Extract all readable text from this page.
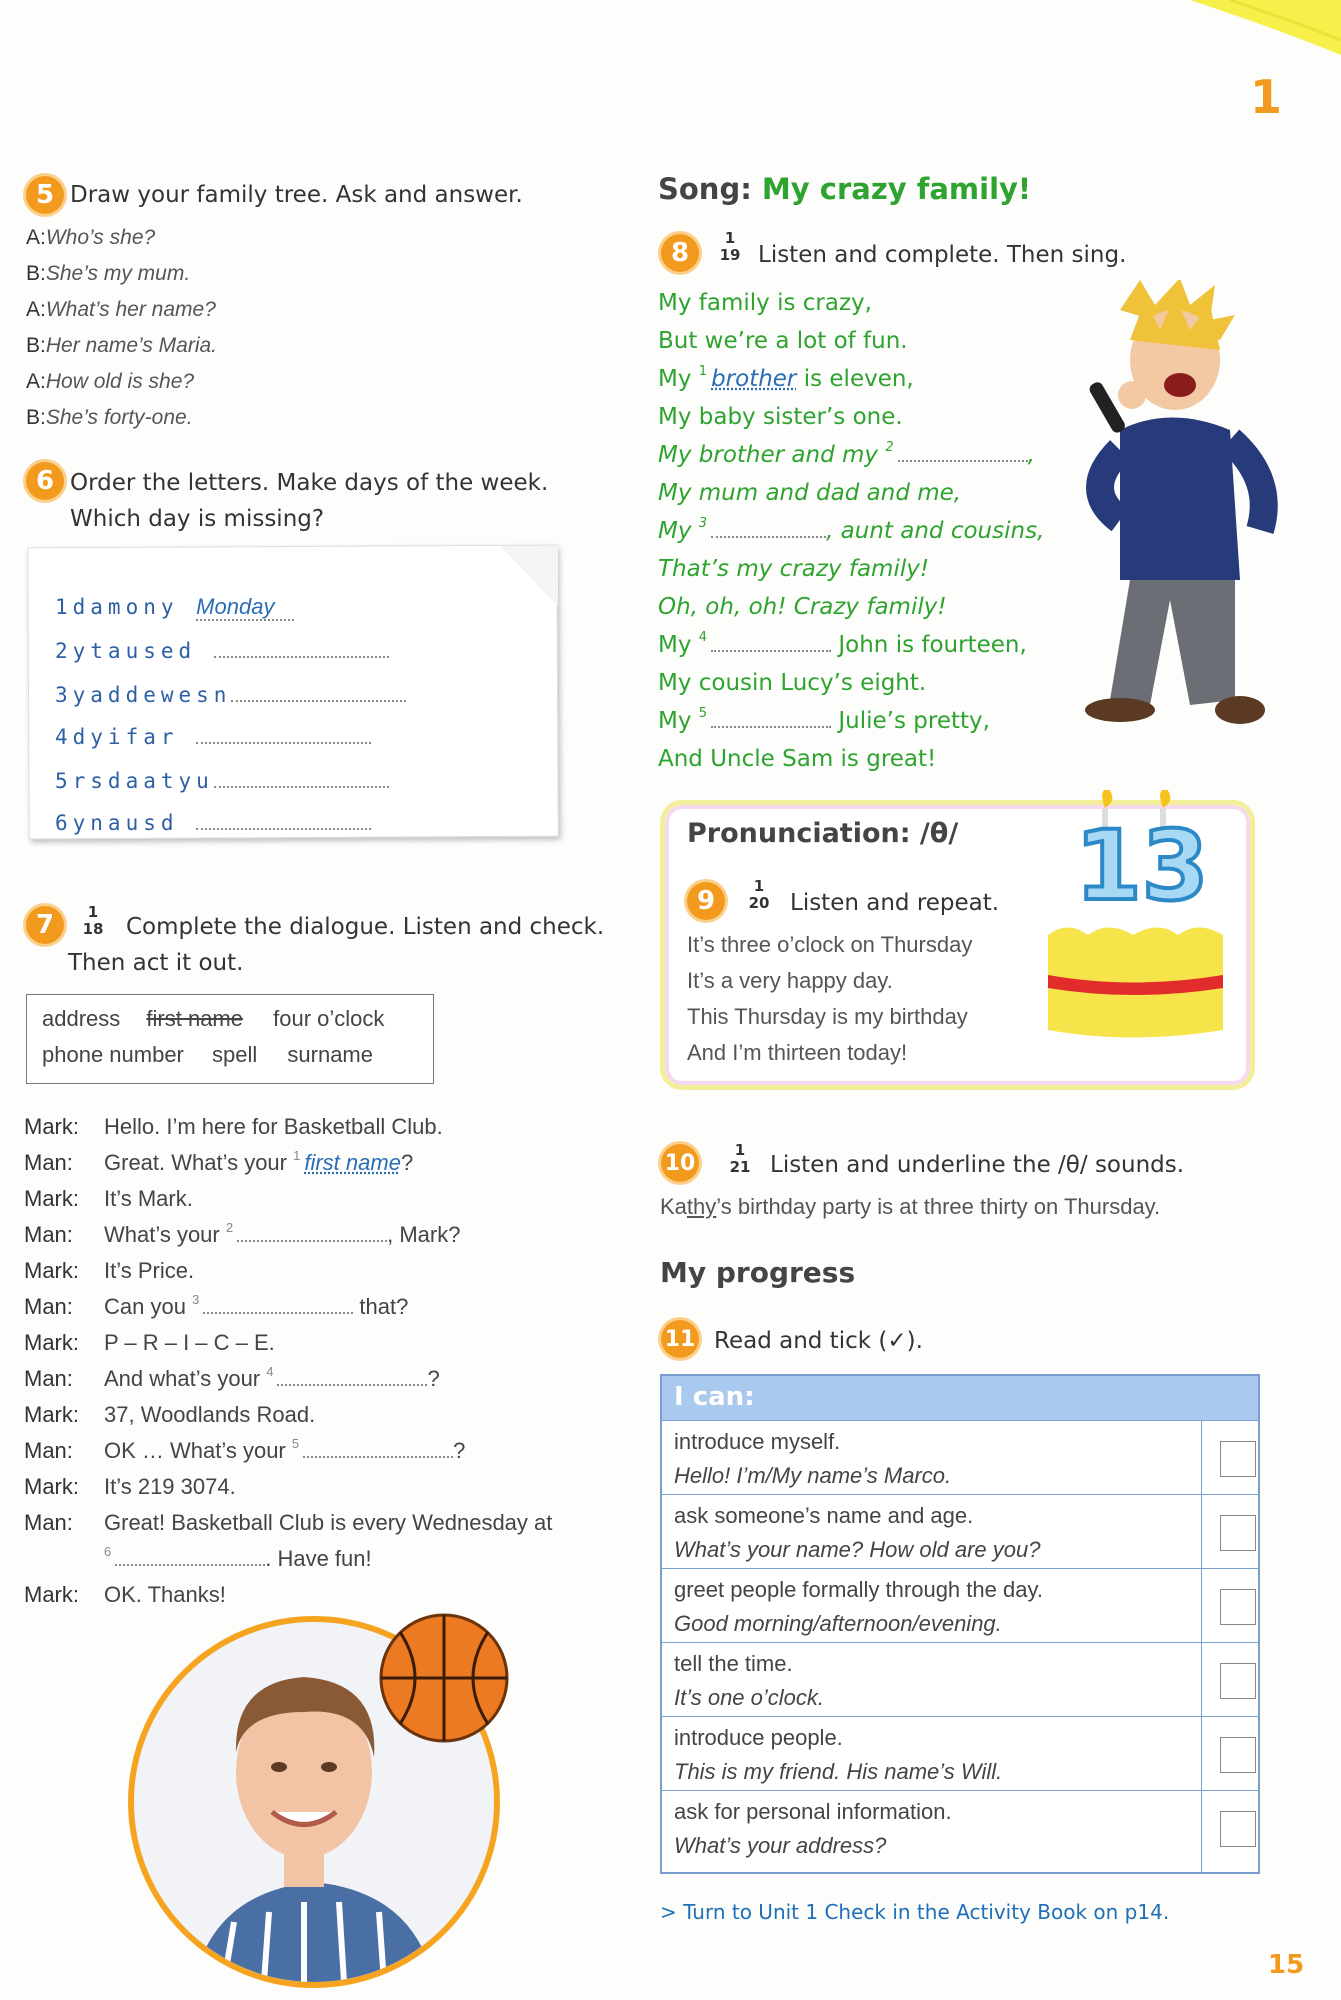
1
5 Draw your family tree. Ask and answer.
A:Who’s she?
B:She’s my mum.
A:What’s her name?
B:Her name’s Maria.
A:How old is she?
B:She’s forty-one.
6 Order the letters. Make days of the week.
Which day is missing?
1damony Monday
2ytaused
3yaddewesn
4dyifar
5rsdaatyu
6ynausd
7	1
18 Complete the dialogue. Listen and check.
Then act it out.
address first name four o’clock
phone number spell surname
Mark: Hello. I’m here for Basketball Club.
Man: Great. What’s your $^1$ first name?
Mark: It’s Mark.
Man: What’s your $^2$	, Mark?
Mark: It’s Price.
Man: Can you $^3$	that?
Mark: P – R – I – C – E.
Man: And what’s your $^4$	?
Mark: 37, Woodlands Road.
Man: OK … What’s your $^5$	?
Mark: It’s 219 3074.
Man: Great! Basketball Club is every Wednesday at
$^6$	. Have fun!
Mark: OK. Thanks!
Song: My crazy family!
8	1
19 Listen and complete. Then sing.
My family is crazy,
But we’re a lot of fun.
My $^1$ brother is eleven,
My baby sister’s one.
My brother and my $^2$	,
My mum and dad and me,
My $^3$	, aunt and cousins,
That’s my crazy family!
Oh, oh, oh! Crazy family!
My $^4$	John is fourteen,
My cousin Lucy’s eight.
My $^5$	Julie’s pretty,
And Uncle Sam is great!
Pronunciation: /θ/
9	1
20 Listen and repeat.
It’s three o’clock on Thursday
It’s a very happy day.
This Thursday is my birthday
And I’m thirteen today!
13
10
1
21 Listen and underline the /θ/ sounds.
Kathy’s birthday party is at three thirty on Thursday.
My progress
11 Read and tick (✓).
I can:
introduce myself.
Hello! I’m/My name’s Marco.
ask someone’s name and age.
What’s your name? How old are you?
greet people formally through the day.
Good morning/afternoon/evening.
tell the time.
It’s one o’clock.
introduce people.
This is my friend. His name’s Will.
ask for personal information.
What’s your address?
> Turn to Unit 1 Check in the Activity Book on p14.
15
